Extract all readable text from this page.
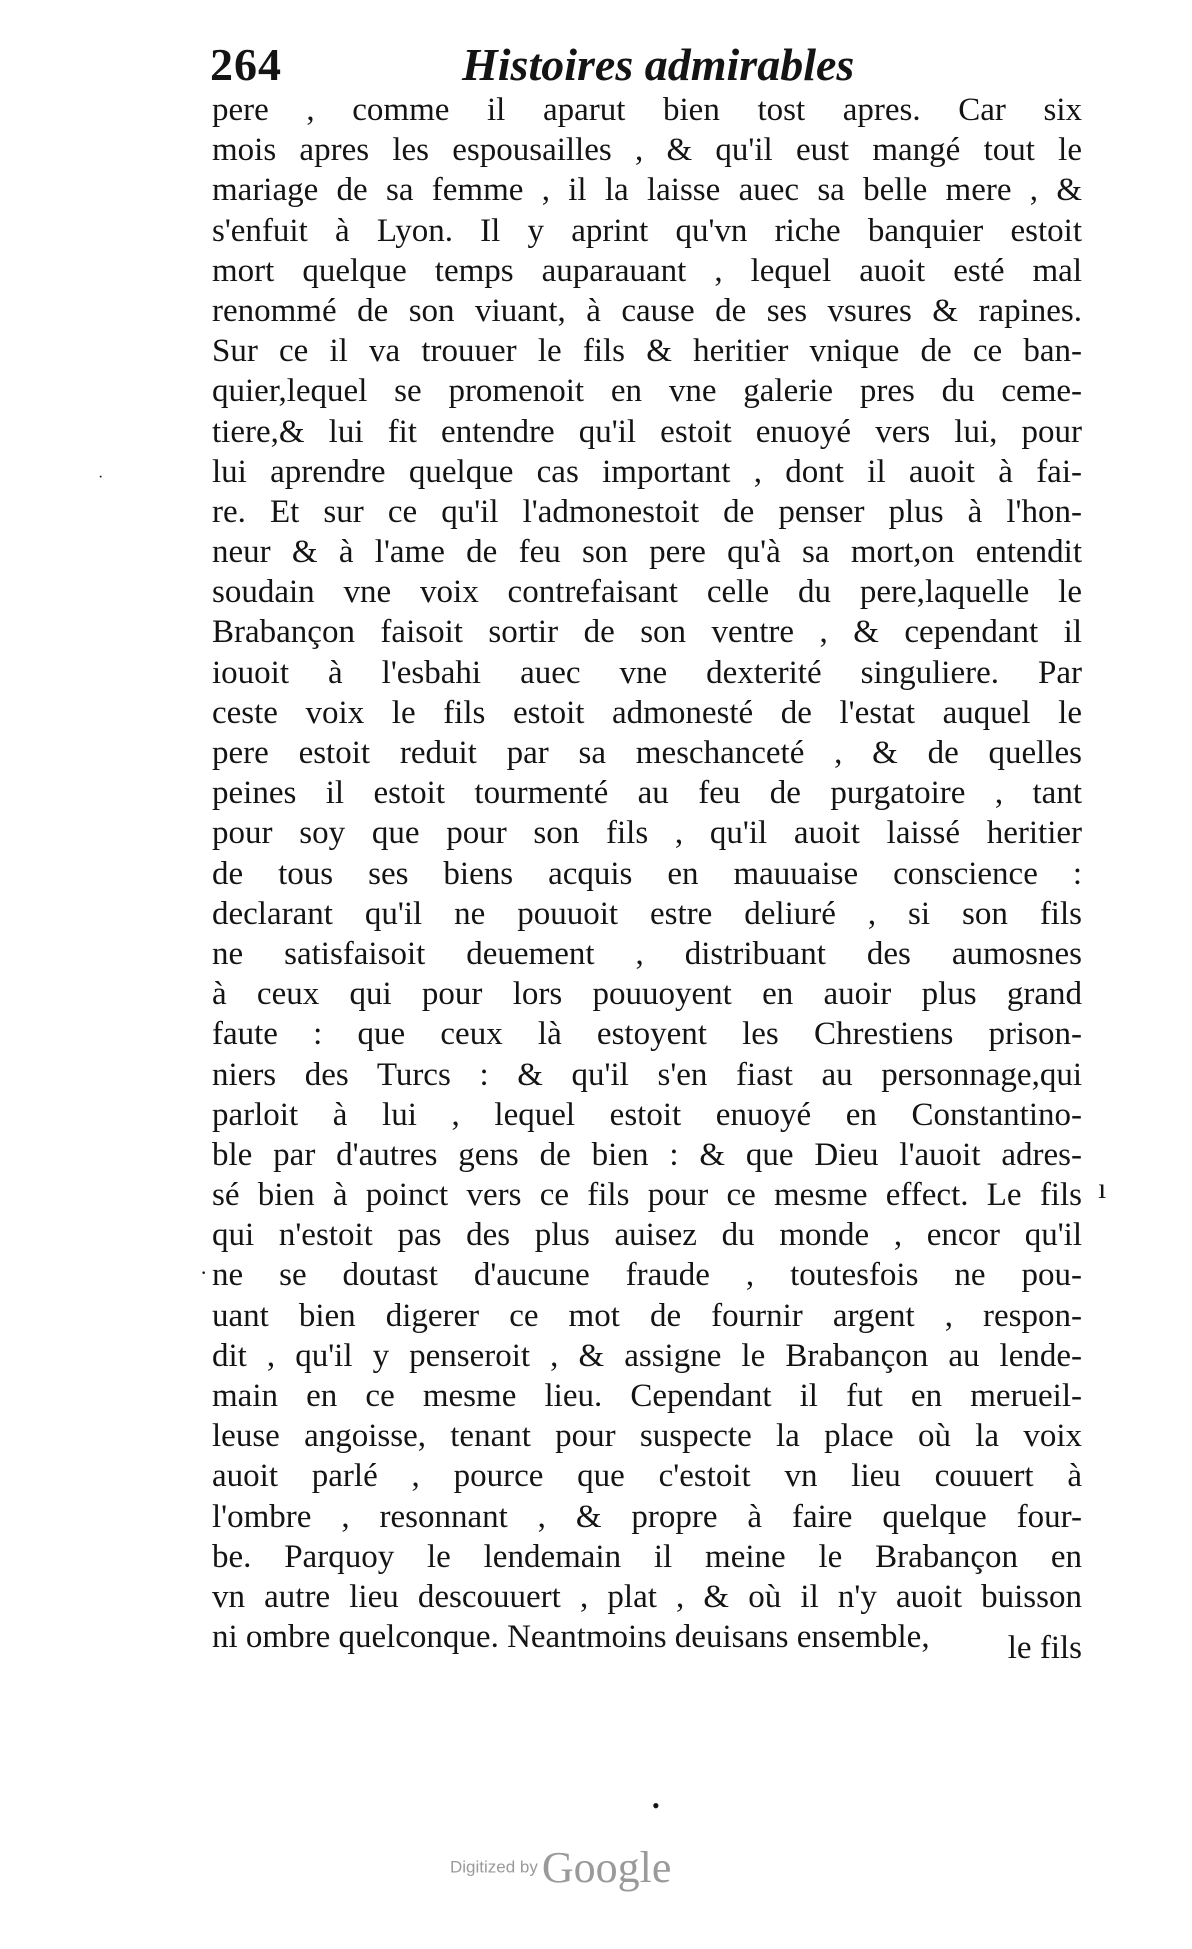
264	Histoires admirables
pere , comme il aparut bien tost apres. Car six
mois apres les espousailles , & qu'il eust mangé tout le
mariage de sa femme , il la laisse auec sa belle mere , &
s'enfuit à Lyon. Il y aprint qu'vn riche banquier estoit
mort quelque temps auparauant , lequel auoit esté mal
renommé de son viuant, à cause de ses vsures & rapines.
Sur ce il va trouuer le fils & heritier vnique de ce ban-
quier,lequel se promenoit en vne galerie pres du ceme-
tiere,& lui fit entendre qu'il estoit enuoyé vers lui, pour
lui aprendre quelque cas important , dont il auoit à fai-
re. Et sur ce qu'il l'admonestoit de penser plus à l'hon-
neur & à l'ame de feu son pere qu'à sa mort,on entendit
soudain vne voix contrefaisant celle du pere,laquelle le
Brabançon faisoit sortir de son ventre , & cependant il
iouoit à l'esbahi auec vne dexterité singuliere. Par
ceste voix le fils estoit admonesté de l'estat auquel le
pere estoit reduit par sa meschanceté , & de quelles
peines il estoit tourmenté au feu de purgatoire , tant
pour soy que pour son fils , qu'il auoit laissé heritier
de tous ses biens acquis en mauuaise conscience :
declarant qu'il ne pouuoit estre deliuré , si son fils
ne satisfaisoit deuement , distribuant des aumosnes
à ceux qui pour lors pouuoyent en auoir plus grand
faute : que ceux là estoyent les Chrestiens prison-
niers des Turcs : & qu'il s'en fiast au personnage,qui
parloit à lui , lequel estoit enuoyé en Constantino-
ble par d'autres gens de bien : & que Dieu l'auoit adres-
sé bien à poinct vers ce fils pour ce mesme effect. Le fils
qui n'estoit pas des plus auisez du monde , encor qu'il
ne se doutast d'aucune fraude , toutesfois ne pou-
uant bien digerer ce mot de fournir argent , respon-
dit , qu'il y penseroit , & assigne le Brabançon au lende-
main en ce mesme lieu. Cependant il fut en merueil-
leuse angoisse, tenant pour suspecte la place où la voix
auoit parlé , pource que c'estoit vn lieu couuert à
l'ombre , resonnant , & propre à faire quelque four-
be. Parquoy le lendemain il meine le Brabançon en
vn autre lieu descouuert , plat , & où il n'y auoit buisson
ni ombre quelconque. Neantmoins deuisans ensemble,	le fils
•
ı
·
·
Digitized by Google
